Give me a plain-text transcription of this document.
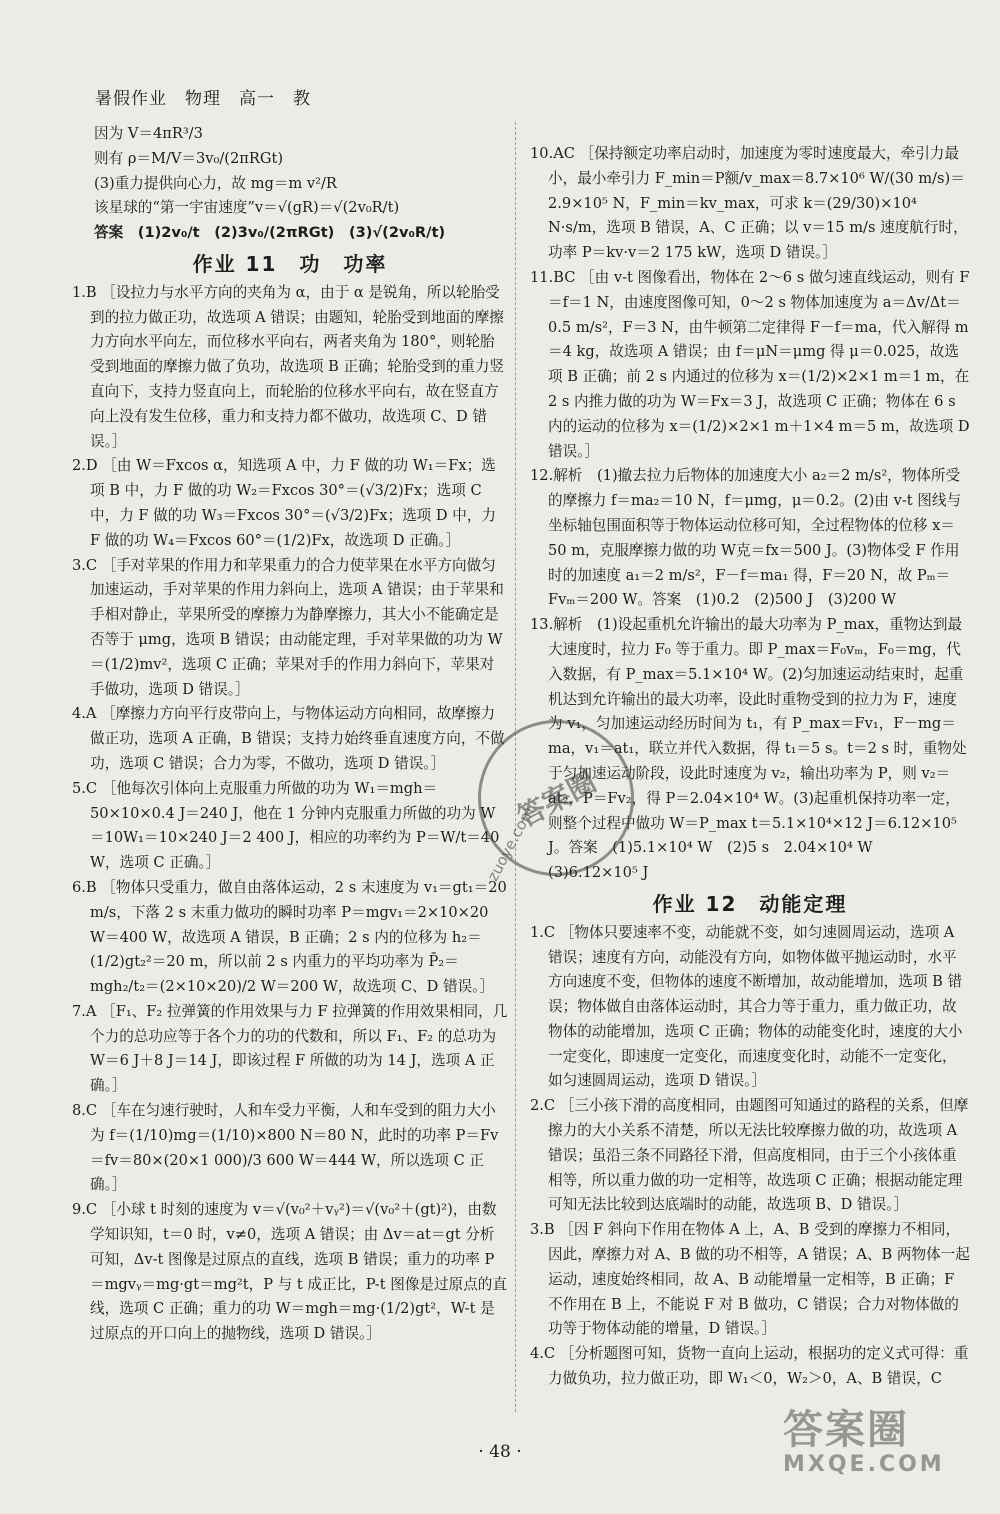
暑假作业　物理　高一　教
因为 V＝4πR³/3
则有 ρ＝M/V＝3v₀/(2πRGt)
(3)重力提供向心力，故 mg＝m v²/R
该星球的“第一宇宙速度”v＝√(gR)＝√(2v₀R/t)
答案　(1)2v₀/t　(2)3v₀/(2πRGt)　(3)√(2v₀R/t)
作业 11　功　功率
1.B ［设拉力与水平方向的夹角为 α，由于 α 是锐角，所以轮胎受到的拉力做正功，故选项 A 错误；由题知，轮胎受到地面的摩擦力方向水平向左，而位移水平向右，两者夹角为 180°，则轮胎受到地面的摩擦力做了负功，故选项 B 正确；轮胎受到的重力竖直向下，支持力竖直向上，而轮胎的位移水平向右，故在竖直方向上没有发生位移，重力和支持力都不做功，故选项 C、D 错误。］
2.D ［由 W＝Fxcos α，知选项 A 中，力 F 做的功 W₁＝Fx；选项 B 中，力 F 做的功 W₂＝Fxcos 30°＝(√3/2)Fx；选项 C 中，力 F 做的功 W₃＝Fxcos 30°＝(√3/2)Fx；选项 D 中，力 F 做的功 W₄＝Fxcos 60°＝(1/2)Fx，故选项 D 正确。］
3.C ［手对苹果的作用力和苹果重力的合力使苹果在水平方向做匀加速运动，手对苹果的作用力斜向上，选项 A 错误；由于苹果和手相对静止，苹果所受的摩擦力为静摩擦力，其大小不能确定是否等于 μmg，选项 B 错误；由动能定理，手对苹果做的功为 W＝(1/2)mv²，选项 C 正确；苹果对手的作用力斜向下，苹果对手做功，选项 D 错误。］
4.A ［摩擦力方向平行皮带向上，与物体运动方向相同，故摩擦力做正功，选项 A 正确，B 错误；支持力始终垂直速度方向，不做功，选项 C 错误；合力为零，不做功，选项 D 错误。］
5.C ［他每次引体向上克服重力所做的功为 W₁＝mgh＝50×10×0.4 J＝240 J，他在 1 分钟内克服重力所做的功为 W＝10W₁＝10×240 J＝2 400 J，相应的功率约为 P＝W/t＝40 W，选项 C 正确。］
6.B ［物体只受重力，做自由落体运动，2 s 末速度为 v₁＝gt₁＝20 m/s，下落 2 s 末重力做功的瞬时功率 P＝mgv₁＝2×10×20 W＝400 W，故选项 A 错误，B 正确；2 s 内的位移为 h₂＝(1/2)gt₂²＝20 m，所以前 2 s 内重力的平均功率为 P̄₂＝mgh₂/t₂＝(2×10×20)/2 W＝200 W，故选项 C、D 错误。］
7.A ［F₁、F₂ 拉弹簧的作用效果与力 F 拉弹簧的作用效果相同，几个力的总功应等于各个力的功的代数和，所以 F₁、F₂ 的总功为 W＝6 J＋8 J＝14 J，即该过程 F 所做的功为 14 J，选项 A 正确。］
8.C ［车在匀速行驶时，人和车受力平衡，人和车受到的阻力大小为 f＝(1/10)mg＝(1/10)×800 N＝80 N，此时的功率 P＝Fv＝fv＝80×(20×1 000)/3 600 W＝444 W，所以选项 C 正确。］
9.C ［小球 t 时刻的速度为 v＝√(v₀²＋vᵧ²)＝√(v₀²＋(gt)²)，由数学知识知，t＝0 时，v≠0，选项 A 错误；由 Δv＝at＝gt 分析可知，Δv-t 图像是过原点的直线，选项 B 错误；重力的功率 P＝mgvᵧ＝mg·gt＝mg²t，P 与 t 成正比，P-t 图像是过原点的直线，选项 C 正确；重力的功 W＝mgh＝mg·(1/2)gt²，W-t 是过原点的开口向上的抛物线，选项 D 错误。］
10.AC ［保持额定功率启动时，加速度为零时速度最大，牵引力最小，最小牵引力 F_min＝P额/v_max＝8.7×10⁶ W/(30 m/s)＝2.9×10⁵ N，F_min＝kv_max，可求 k＝(29/30)×10⁴ N·s/m，选项 B 错误，A、C 正确；以 v＝15 m/s 速度航行时，功率 P＝kv·v＝2 175 kW，选项 D 错误。］
11.BC ［由 v-t 图像看出，物体在 2～6 s 做匀速直线运动，则有 F＝f＝1 N，由速度图像可知，0～2 s 物体加速度为 a＝Δv/Δt＝0.5 m/s²，F＝3 N，由牛顿第二定律得 F－f＝ma，代入解得 m＝4 kg，故选项 A 错误；由 f＝μN＝μmg 得 μ＝0.025，故选项 B 正确；前 2 s 内通过的位移为 x＝(1/2)×2×1 m＝1 m，在 2 s 内推力做的功为 W＝Fx＝3 J，故选项 C 正确；物体在 6 s 内的运动的位移为 x＝(1/2)×2×1 m＋1×4 m＝5 m，故选项 D 错误。］
12.解析　(1)撤去拉力后物体的加速度大小 a₂＝2 m/s²，物体所受的摩擦力 f＝ma₂＝10 N，f＝μmg，μ＝0.2。(2)由 v-t 图线与坐标轴包围面积等于物体运动位移可知，全过程物体的位移 x＝50 m，克服摩擦力做的功 W克＝fx＝500 J。(3)物体受 F 作用时的加速度 a₁＝2 m/s²，F－f＝ma₁ 得，F＝20 N，故 Pₘ＝Fvₘ＝200 W。答案　(1)0.2　(2)500 J　(3)200 W
13.解析　(1)设起重机允许输出的最大功率为 P_max，重物达到最大速度时，拉力 F₀ 等于重力。即 P_max＝F₀vₘ，F₀＝mg，代入数据，有 P_max＝5.1×10⁴ W。(2)匀加速运动结束时，起重机达到允许输出的最大功率，设此时重物受到的拉力为 F，速度为 v₁，匀加速运动经历时间为 t₁，有 P_max＝Fv₁，F－mg＝ma，v₁＝at₁，联立并代入数据，得 t₁＝5 s。t＝2 s 时，重物处于匀加速运动阶段，设此时速度为 v₂，输出功率为 P，则 v₂＝at₂，P＝Fv₂，得 P＝2.04×10⁴ W。(3)起重机保持功率一定，则整个过程中做功 W＝P_max t＝5.1×10⁴×12 J＝6.12×10⁵ J。答案　(1)5.1×10⁴ W　(2)5 s　2.04×10⁴ W　(3)6.12×10⁵ J
作业 12　动能定理
1.C ［物体只要速率不变，动能就不变，如匀速圆周运动，选项 A 错误；速度有方向，动能没有方向，如物体做平抛运动时，水平方向速度不变，但物体的速度不断增加，故动能增加，选项 B 错误；物体做自由落体运动时，其合力等于重力，重力做正功，故物体的动能增加，选项 C 正确；物体的动能变化时，速度的大小一定变化，即速度一定变化，而速度变化时，动能不一定变化，如匀速圆周运动，选项 D 错误。］
2.C ［三小孩下滑的高度相同，由题图可知通过的路程的关系，但摩擦力的大小关系不清楚，所以无法比较摩擦力做的功，故选项 A 错误；虽沿三条不同路径下滑，但高度相同，由于三个小孩体重相等，所以重力做的功一定相等，故选项 C 正确；根据动能定理可知无法比较到达底端时的动能，故选项 B、D 错误。］
3.B ［因 F 斜向下作用在物体 A 上，A、B 受到的摩擦力不相同，因此，摩擦力对 A、B 做的功不相等，A 错误；A、B 两物体一起运动，速度始终相同，故 A、B 动能增量一定相等，B 正确；F 不作用在 B 上，不能说 F 对 B 做功，C 错误；合力对物体做的功等于物体动能的增量，D 错误。］
4.C ［分析题图可知，货物一直向上运动，根据功的定义式可得：重力做负功，拉力做正功，即 W₁＜0，W₂＞0，A、B 错误，C
答案圈
zuoye.com
· 48 ·	答案圈
MXQE.COM
